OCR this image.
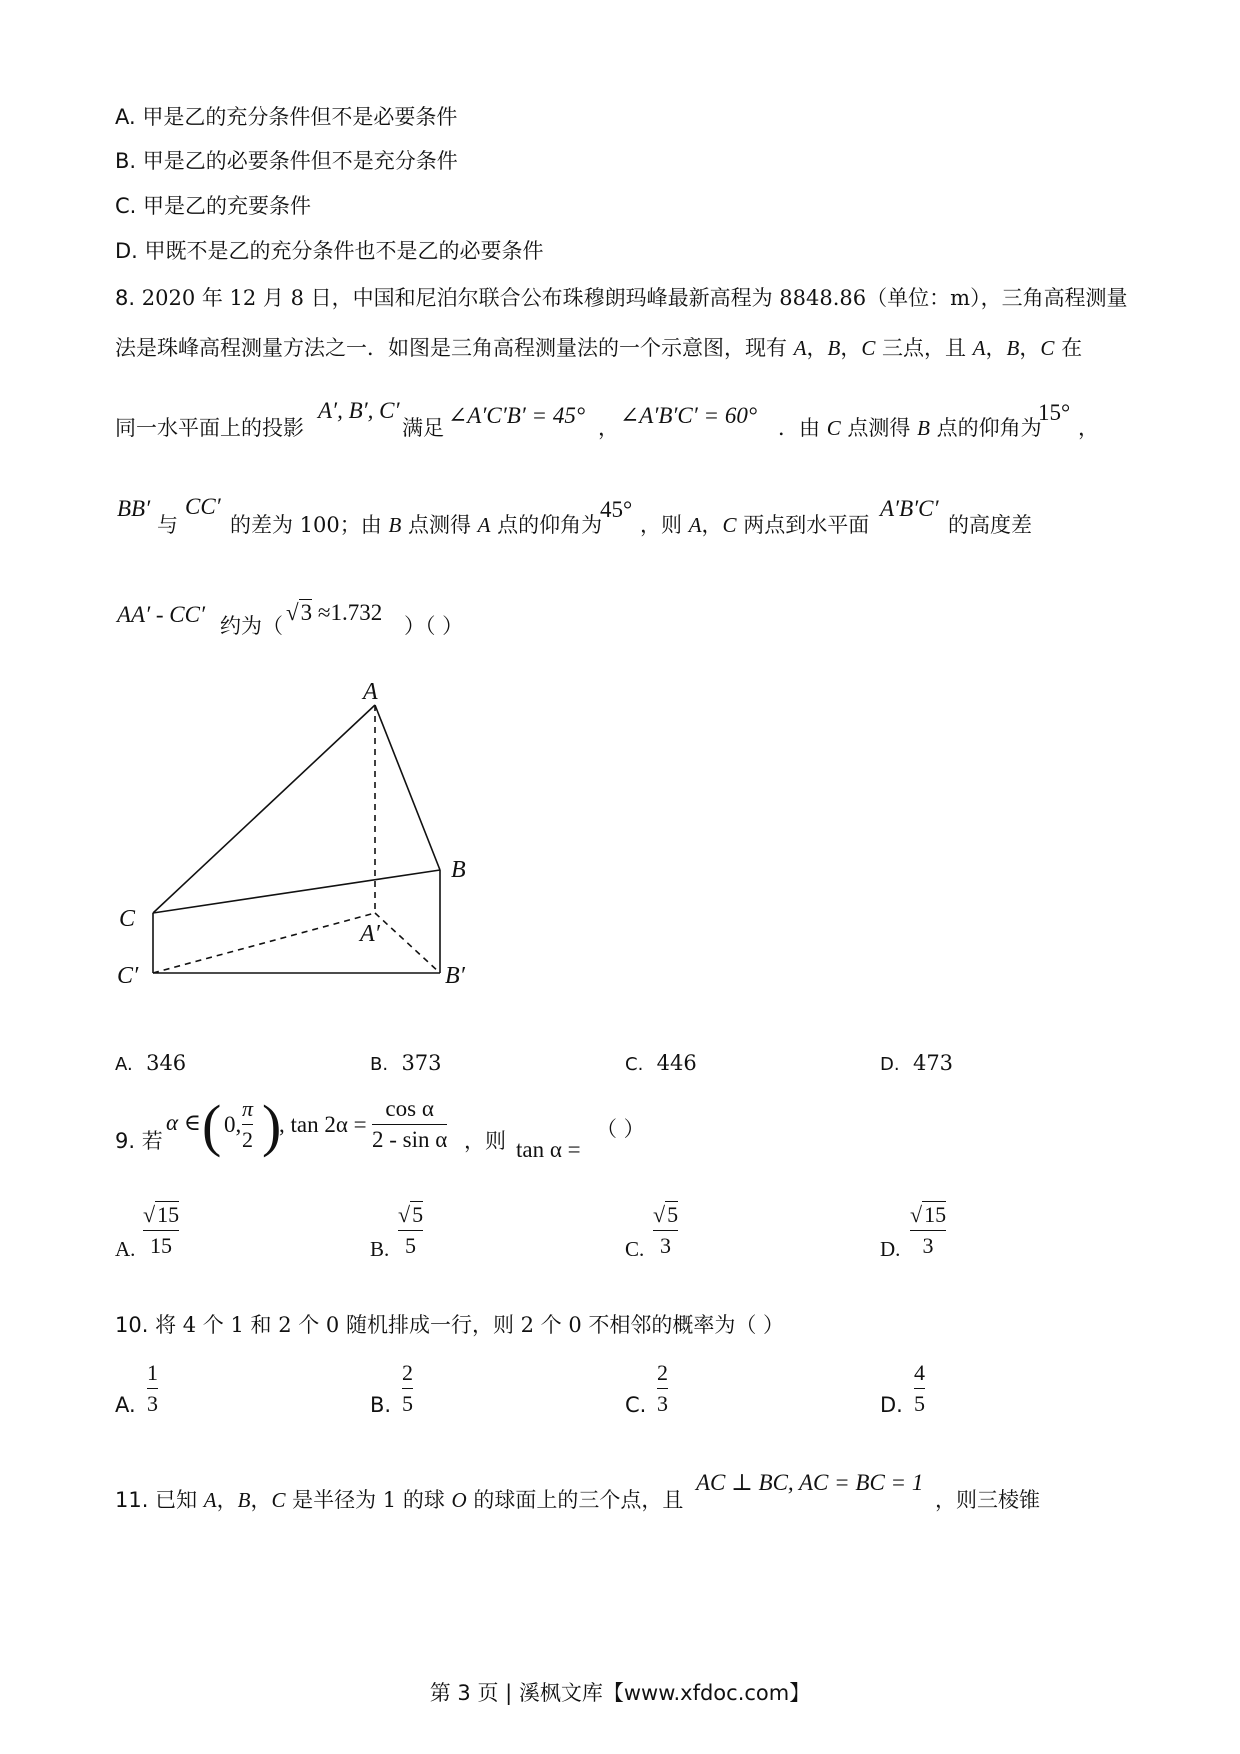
A. 甲是乙的充分条件但不是必要条件
B. 甲是乙的必要条件但不是充分条件
C. 甲是乙的充要条件
D. 甲既不是乙的充分条件也不是乙的必要条件
8. 2020 年 12 月 8 日，中国和尼泊尔联合公布珠穆朗玛峰最新高程为 8848.86（单位：m），三角高程测量
法是珠峰高程测量方法之一．如图是三角高程测量法的一个示意图，现有 A，B，C 三点，且 A，B，C 在
同一水平面上的投影
A′, B′, C′
满足 ∠A′C′B′ = 45° ， ∠A′B′C′ = 60° ．由 C 点测得 B 点的仰角为
15°
，
BB′
与
CC′
的差为 100；由 B 点测得 A 点的仰角为
45°
，则 A，C 两点到水平面
A′B′C′
的高度差
AA′ - CC′ 约为（
√3 ≈1.732
）（ ）
A
B
C
A′
B′
C′
A. 346	B. 373	C. 446	D. 473
9. 若
α ∈ ( 0,
π
2 )
, tan 2α =
cos α
2 - sin α ，则 tan α =
（ ）
A.
√15
15	B.
√5
5	C.
√5
3	D.
√15
3
10. 将 4 个 1 和 2 个 0 随机排成一行，则 2 个 0 不相邻的概率为（ ）
A.
1
3	B.
2
5	C.
2
3	D.
4
5
11. 已知 A，B，C 是半径为 1 的球 O 的球面上的三个点，且
AC ⊥ BC, AC = BC = 1
，则三棱锥
第 3 页 | 溪枫文库【www.xfdoc.com】
